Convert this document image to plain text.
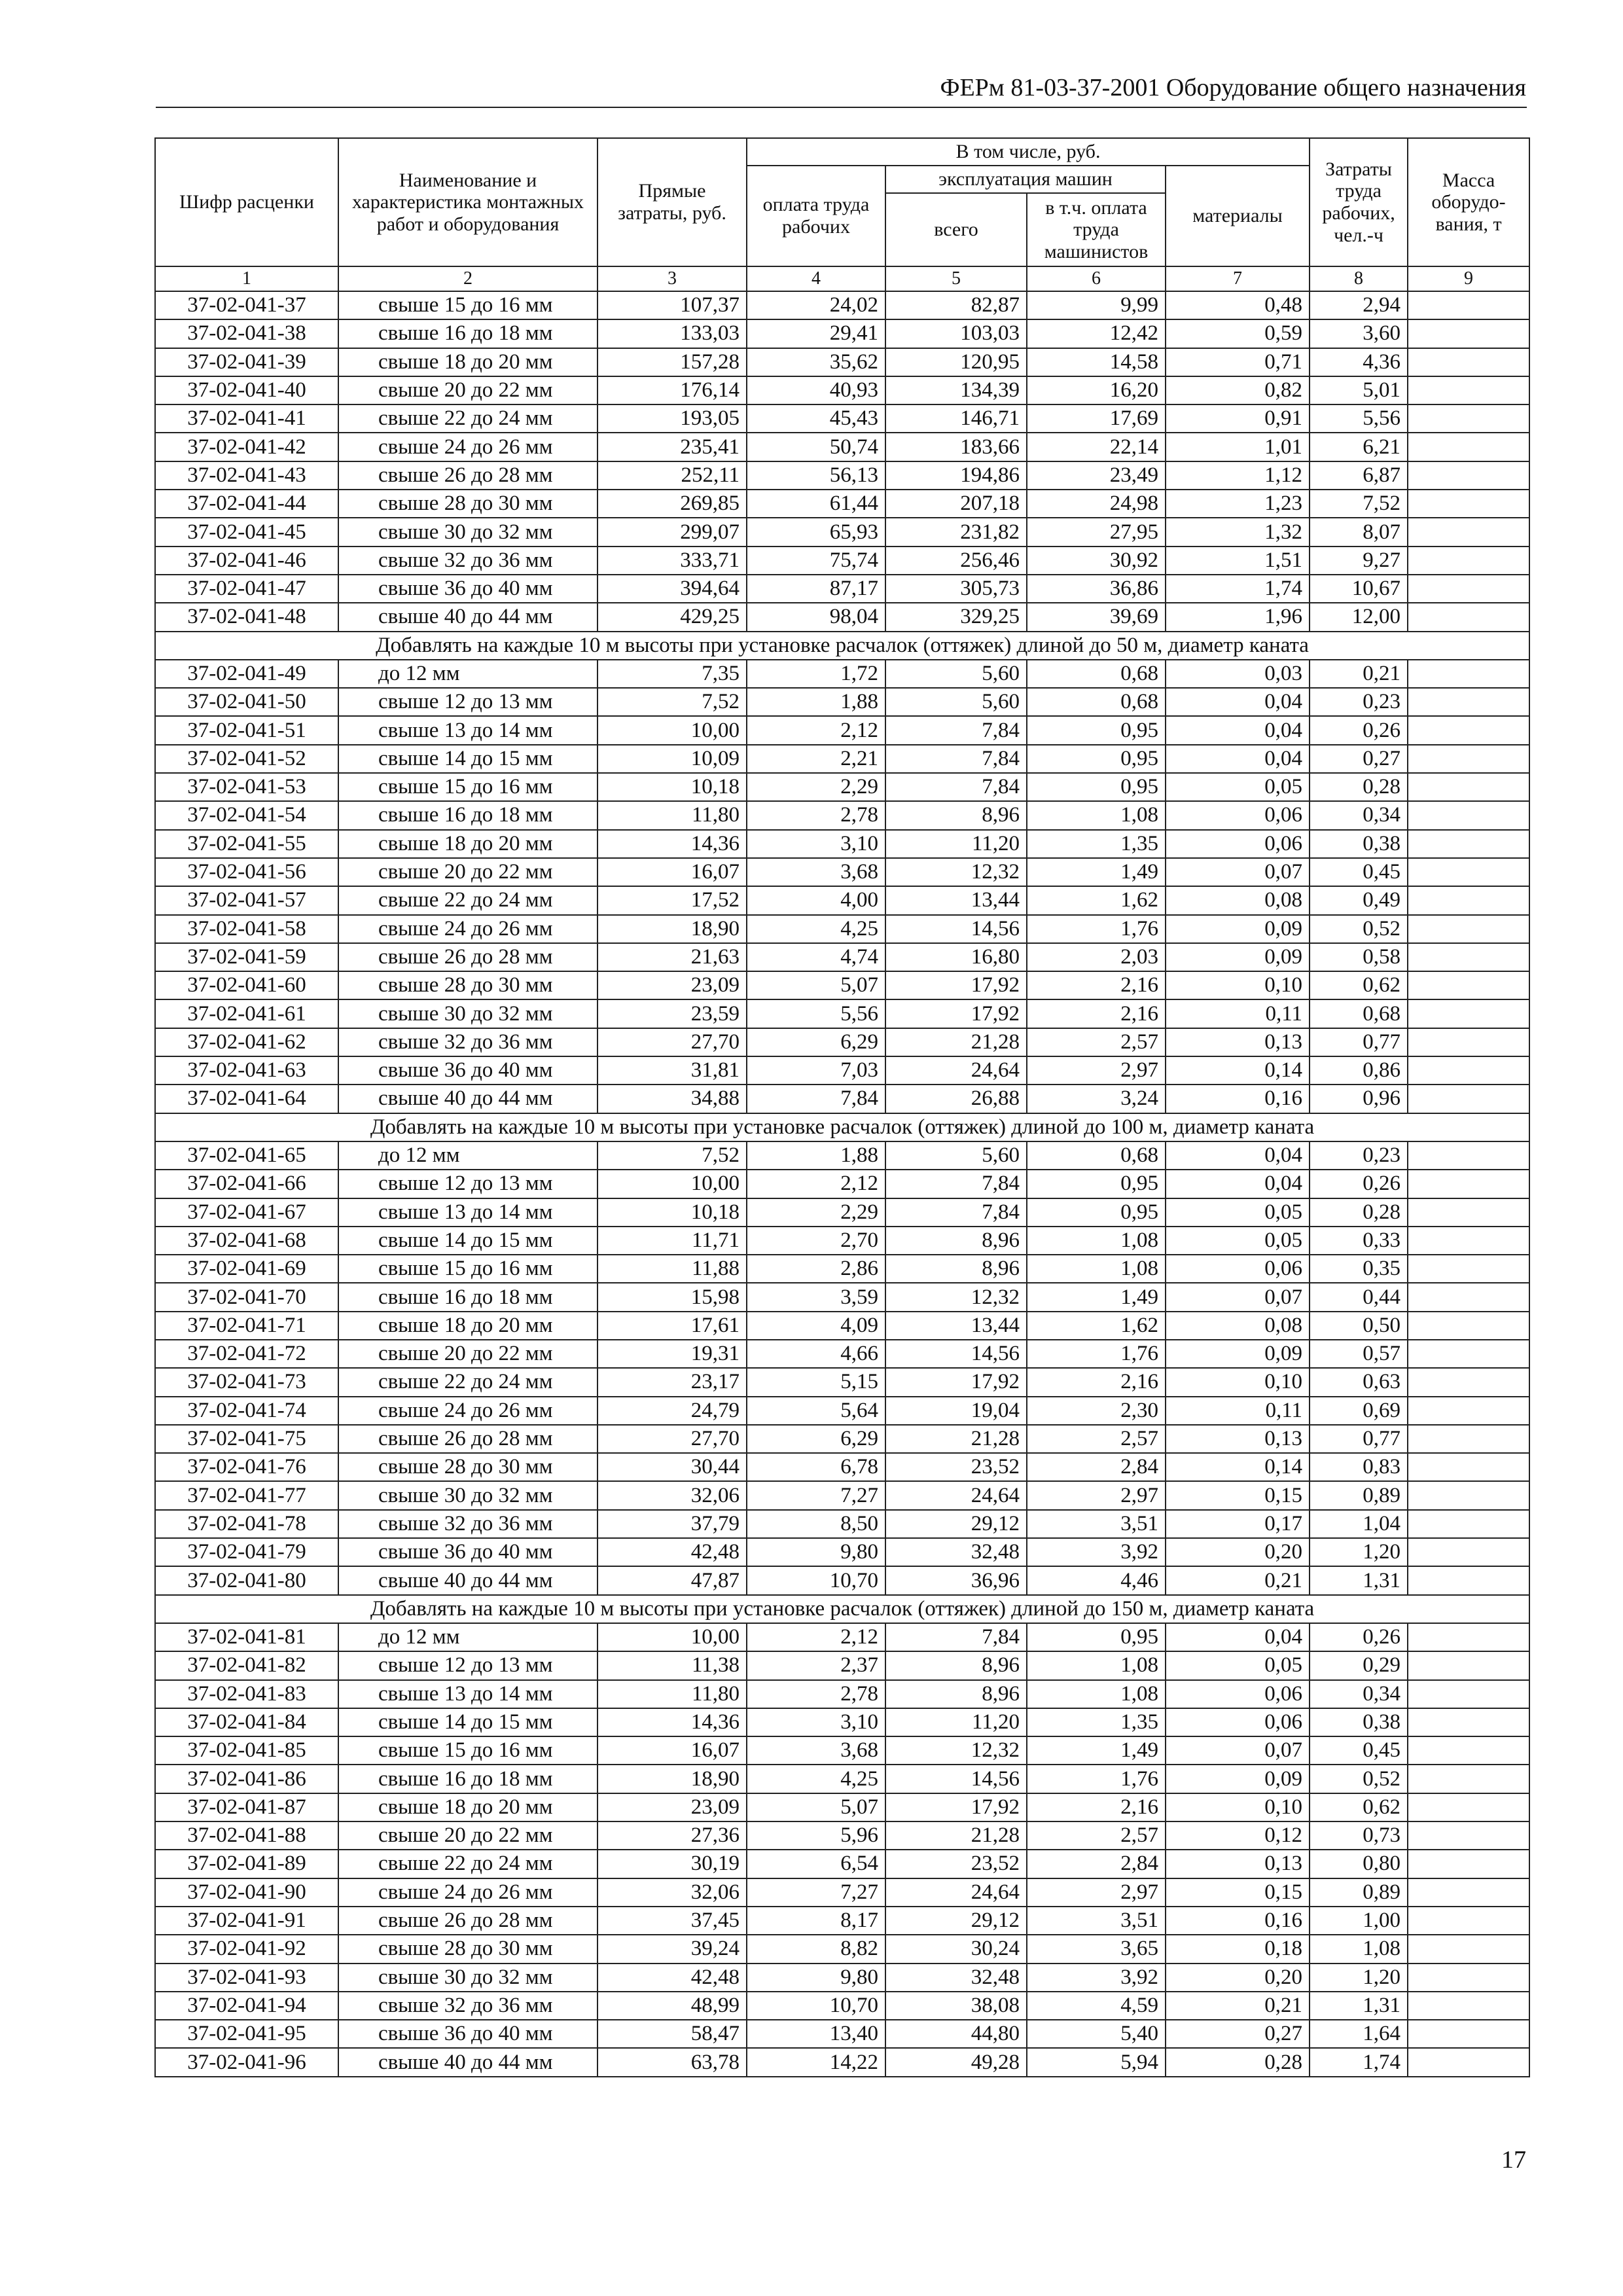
ФЕРм 81-03-37-2001 Оборудование общего назначения
Шифр расценки	Наименование и характеристика монтажных работ и оборудования	Прямые затраты, руб.	В том числе, руб.				Затраты труда рабочих, чел.-ч	Масса оборудо-вания, т
			оплата труда рабочих	эксплуатация машин		материалы		
				всего	в т.ч. оплата труда машинистов			
1	2	3	4	5	6	7	8	9
37-02-041-37	свыше 15 до 16 мм	107,37	24,02	82,87	9,99	0,48	2,94	
37-02-041-38	свыше 16 до 18 мм	133,03	29,41	103,03	12,42	0,59	3,60	
37-02-041-39	свыше 18 до 20 мм	157,28	35,62	120,95	14,58	0,71	4,36	
37-02-041-40	свыше 20 до 22 мм	176,14	40,93	134,39	16,20	0,82	5,01	
37-02-041-41	свыше 22 до 24 мм	193,05	45,43	146,71	17,69	0,91	5,56	
37-02-041-42	свыше 24 до 26 мм	235,41	50,74	183,66	22,14	1,01	6,21	
37-02-041-43	свыше 26 до 28 мм	252,11	56,13	194,86	23,49	1,12	6,87	
37-02-041-44	свыше 28 до 30 мм	269,85	61,44	207,18	24,98	1,23	7,52	
37-02-041-45	свыше 30 до 32 мм	299,07	65,93	231,82	27,95	1,32	8,07	
37-02-041-46	свыше 32 до 36 мм	333,71	75,74	256,46	30,92	1,51	9,27	
37-02-041-47	свыше 36 до 40 мм	394,64	87,17	305,73	36,86	1,74	10,67	
37-02-041-48	свыше 40 до 44 мм	429,25	98,04	329,25	39,69	1,96	12,00	
Добавлять на каждые 10 м высоты при установке расчалок (оттяжек) длиной до 50 м, диаметр каната								
37-02-041-49	до 12 мм	7,35	1,72	5,60	0,68	0,03	0,21	
37-02-041-50	свыше 12 до 13 мм	7,52	1,88	5,60	0,68	0,04	0,23	
37-02-041-51	свыше 13 до 14 мм	10,00	2,12	7,84	0,95	0,04	0,26	
37-02-041-52	свыше 14 до 15 мм	10,09	2,21	7,84	0,95	0,04	0,27	
37-02-041-53	свыше 15 до 16 мм	10,18	2,29	7,84	0,95	0,05	0,28	
37-02-041-54	свыше 16 до 18 мм	11,80	2,78	8,96	1,08	0,06	0,34	
37-02-041-55	свыше 18 до 20 мм	14,36	3,10	11,20	1,35	0,06	0,38	
37-02-041-56	свыше 20 до 22 мм	16,07	3,68	12,32	1,49	0,07	0,45	
37-02-041-57	свыше 22 до 24 мм	17,52	4,00	13,44	1,62	0,08	0,49	
37-02-041-58	свыше 24 до 26 мм	18,90	4,25	14,56	1,76	0,09	0,52	
37-02-041-59	свыше 26 до 28 мм	21,63	4,74	16,80	2,03	0,09	0,58	
37-02-041-60	свыше 28 до 30 мм	23,09	5,07	17,92	2,16	0,10	0,62	
37-02-041-61	свыше 30 до 32 мм	23,59	5,56	17,92	2,16	0,11	0,68	
37-02-041-62	свыше 32 до 36 мм	27,70	6,29	21,28	2,57	0,13	0,77	
37-02-041-63	свыше 36 до 40 мм	31,81	7,03	24,64	2,97	0,14	0,86	
37-02-041-64	свыше 40 до 44 мм	34,88	7,84	26,88	3,24	0,16	0,96	
Добавлять на каждые 10 м высоты при установке расчалок (оттяжек) длиной до 100 м, диаметр каната								
37-02-041-65	до 12 мм	7,52	1,88	5,60	0,68	0,04	0,23	
37-02-041-66	свыше 12 до 13 мм	10,00	2,12	7,84	0,95	0,04	0,26	
37-02-041-67	свыше 13 до 14 мм	10,18	2,29	7,84	0,95	0,05	0,28	
37-02-041-68	свыше 14 до 15 мм	11,71	2,70	8,96	1,08	0,05	0,33	
37-02-041-69	свыше 15 до 16 мм	11,88	2,86	8,96	1,08	0,06	0,35	
37-02-041-70	свыше 16 до 18 мм	15,98	3,59	12,32	1,49	0,07	0,44	
37-02-041-71	свыше 18 до 20 мм	17,61	4,09	13,44	1,62	0,08	0,50	
37-02-041-72	свыше 20 до 22 мм	19,31	4,66	14,56	1,76	0,09	0,57	
37-02-041-73	свыше 22 до 24 мм	23,17	5,15	17,92	2,16	0,10	0,63	
37-02-041-74	свыше 24 до 26 мм	24,79	5,64	19,04	2,30	0,11	0,69	
37-02-041-75	свыше 26 до 28 мм	27,70	6,29	21,28	2,57	0,13	0,77	
37-02-041-76	свыше 28 до 30 мм	30,44	6,78	23,52	2,84	0,14	0,83	
37-02-041-77	свыше 30 до 32 мм	32,06	7,27	24,64	2,97	0,15	0,89	
37-02-041-78	свыше 32 до 36 мм	37,79	8,50	29,12	3,51	0,17	1,04	
37-02-041-79	свыше 36 до 40 мм	42,48	9,80	32,48	3,92	0,20	1,20	
37-02-041-80	свыше 40 до 44 мм	47,87	10,70	36,96	4,46	0,21	1,31	
Добавлять на каждые 10 м высоты при установке расчалок (оттяжек) длиной до 150 м, диаметр каната								
37-02-041-81	до 12 мм	10,00	2,12	7,84	0,95	0,04	0,26	
37-02-041-82	свыше 12 до 13 мм	11,38	2,37	8,96	1,08	0,05	0,29	
37-02-041-83	свыше 13 до 14 мм	11,80	2,78	8,96	1,08	0,06	0,34	
37-02-041-84	свыше 14 до 15 мм	14,36	3,10	11,20	1,35	0,06	0,38	
37-02-041-85	свыше 15 до 16 мм	16,07	3,68	12,32	1,49	0,07	0,45	
37-02-041-86	свыше 16 до 18 мм	18,90	4,25	14,56	1,76	0,09	0,52	
37-02-041-87	свыше 18 до 20 мм	23,09	5,07	17,92	2,16	0,10	0,62	
37-02-041-88	свыше 20 до 22 мм	27,36	5,96	21,28	2,57	0,12	0,73	
37-02-041-89	свыше 22 до 24 мм	30,19	6,54	23,52	2,84	0,13	0,80	
37-02-041-90	свыше 24 до 26 мм	32,06	7,27	24,64	2,97	0,15	0,89	
37-02-041-91	свыше 26 до 28 мм	37,45	8,17	29,12	3,51	0,16	1,00	
37-02-041-92	свыше 28 до 30 мм	39,24	8,82	30,24	3,65	0,18	1,08	
37-02-041-93	свыше 30 до 32 мм	42,48	9,80	32,48	3,92	0,20	1,20	
37-02-041-94	свыше 32 до 36 мм	48,99	10,70	38,08	4,59	0,21	1,31	
37-02-041-95	свыше 36 до 40 мм	58,47	13,40	44,80	5,40	0,27	1,64	
37-02-041-96	свыше 40 до 44 мм	63,78	14,22	49,28	5,94	0,28	1,74	
17
